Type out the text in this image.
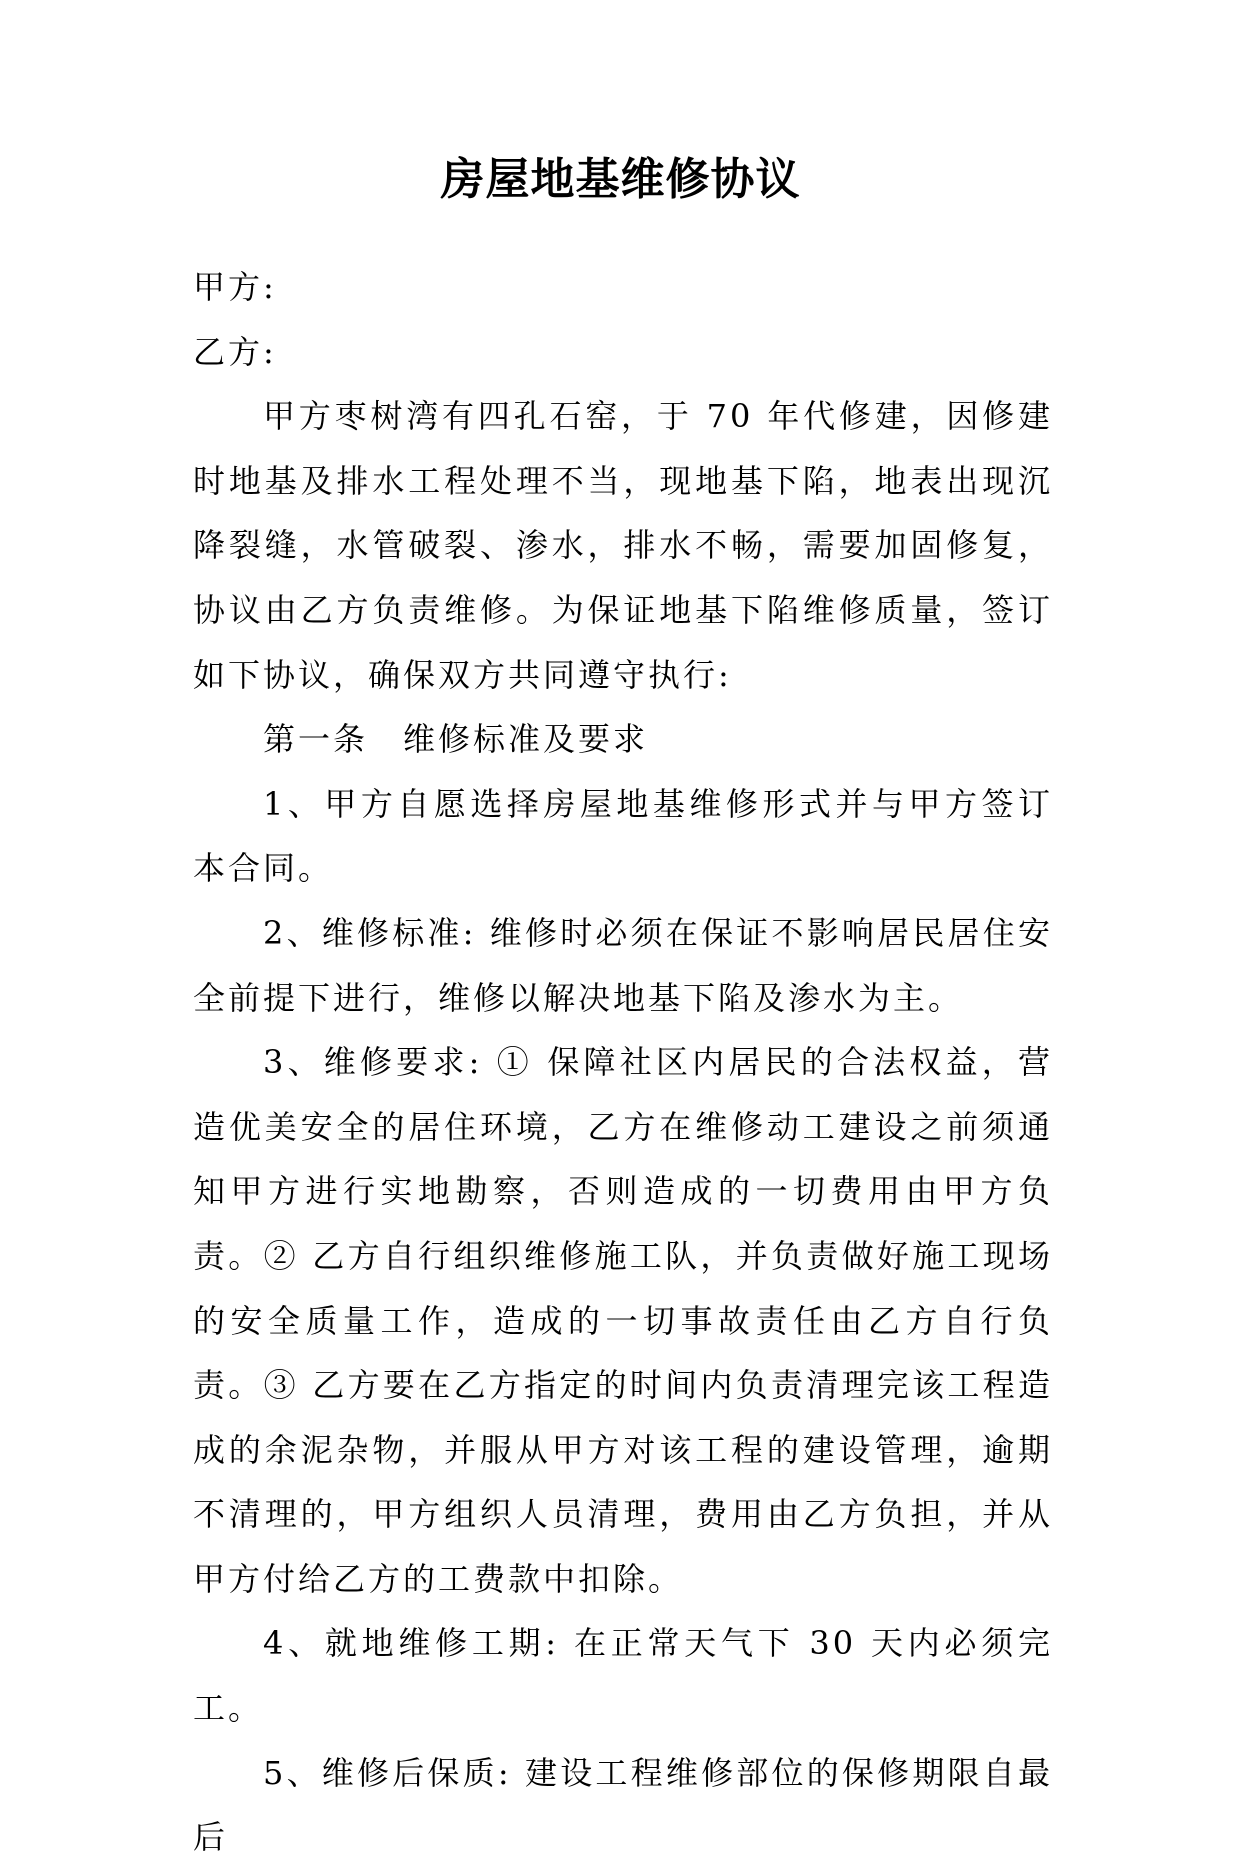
房屋地基维修协议

甲方:

乙方:

甲方枣树湾有四孔石窑，于 70 年代修建，因修建时地基及排水工程处理不当，现地基下陷，地表出现沉降裂缝，水管破裂、渗水，排水不畅，需要加固修复，协议由乙方负责维修。为保证地基下陷维修质量，签订如下协议，确保双方共同遵守执行:

第一条　维修标准及要求

1、甲方自愿选择房屋地基维修形式并与甲方签订本合同。

2、维修标准: 维修时必须在保证不影响居民居住安全前提下进行，维修以解决地基下陷及渗水为主。

3、维修要求: ① 保障社区内居民的合法权益，营造优美安全的居住环境，乙方在维修动工建设之前须通知甲方进行实地勘察，否则造成的一切费用由甲方负责。② 乙方自行组织维修施工队，并负责做好施工现场的安全质量工作，造成的一切事故责任由乙方自行负责。③ 乙方要在乙方指定的时间内负责清理完该工程造成的余泥杂物，并服从甲方对该工程的建设管理，逾期不清理的，甲方组织人员清理，费用由乙方负担，并从甲方付给乙方的工费款中扣除。

4、就地维修工期: 在正常天气下 30 天内必须完工。

5、维修后保质: 建设工程维修部位的保修期限自最后
